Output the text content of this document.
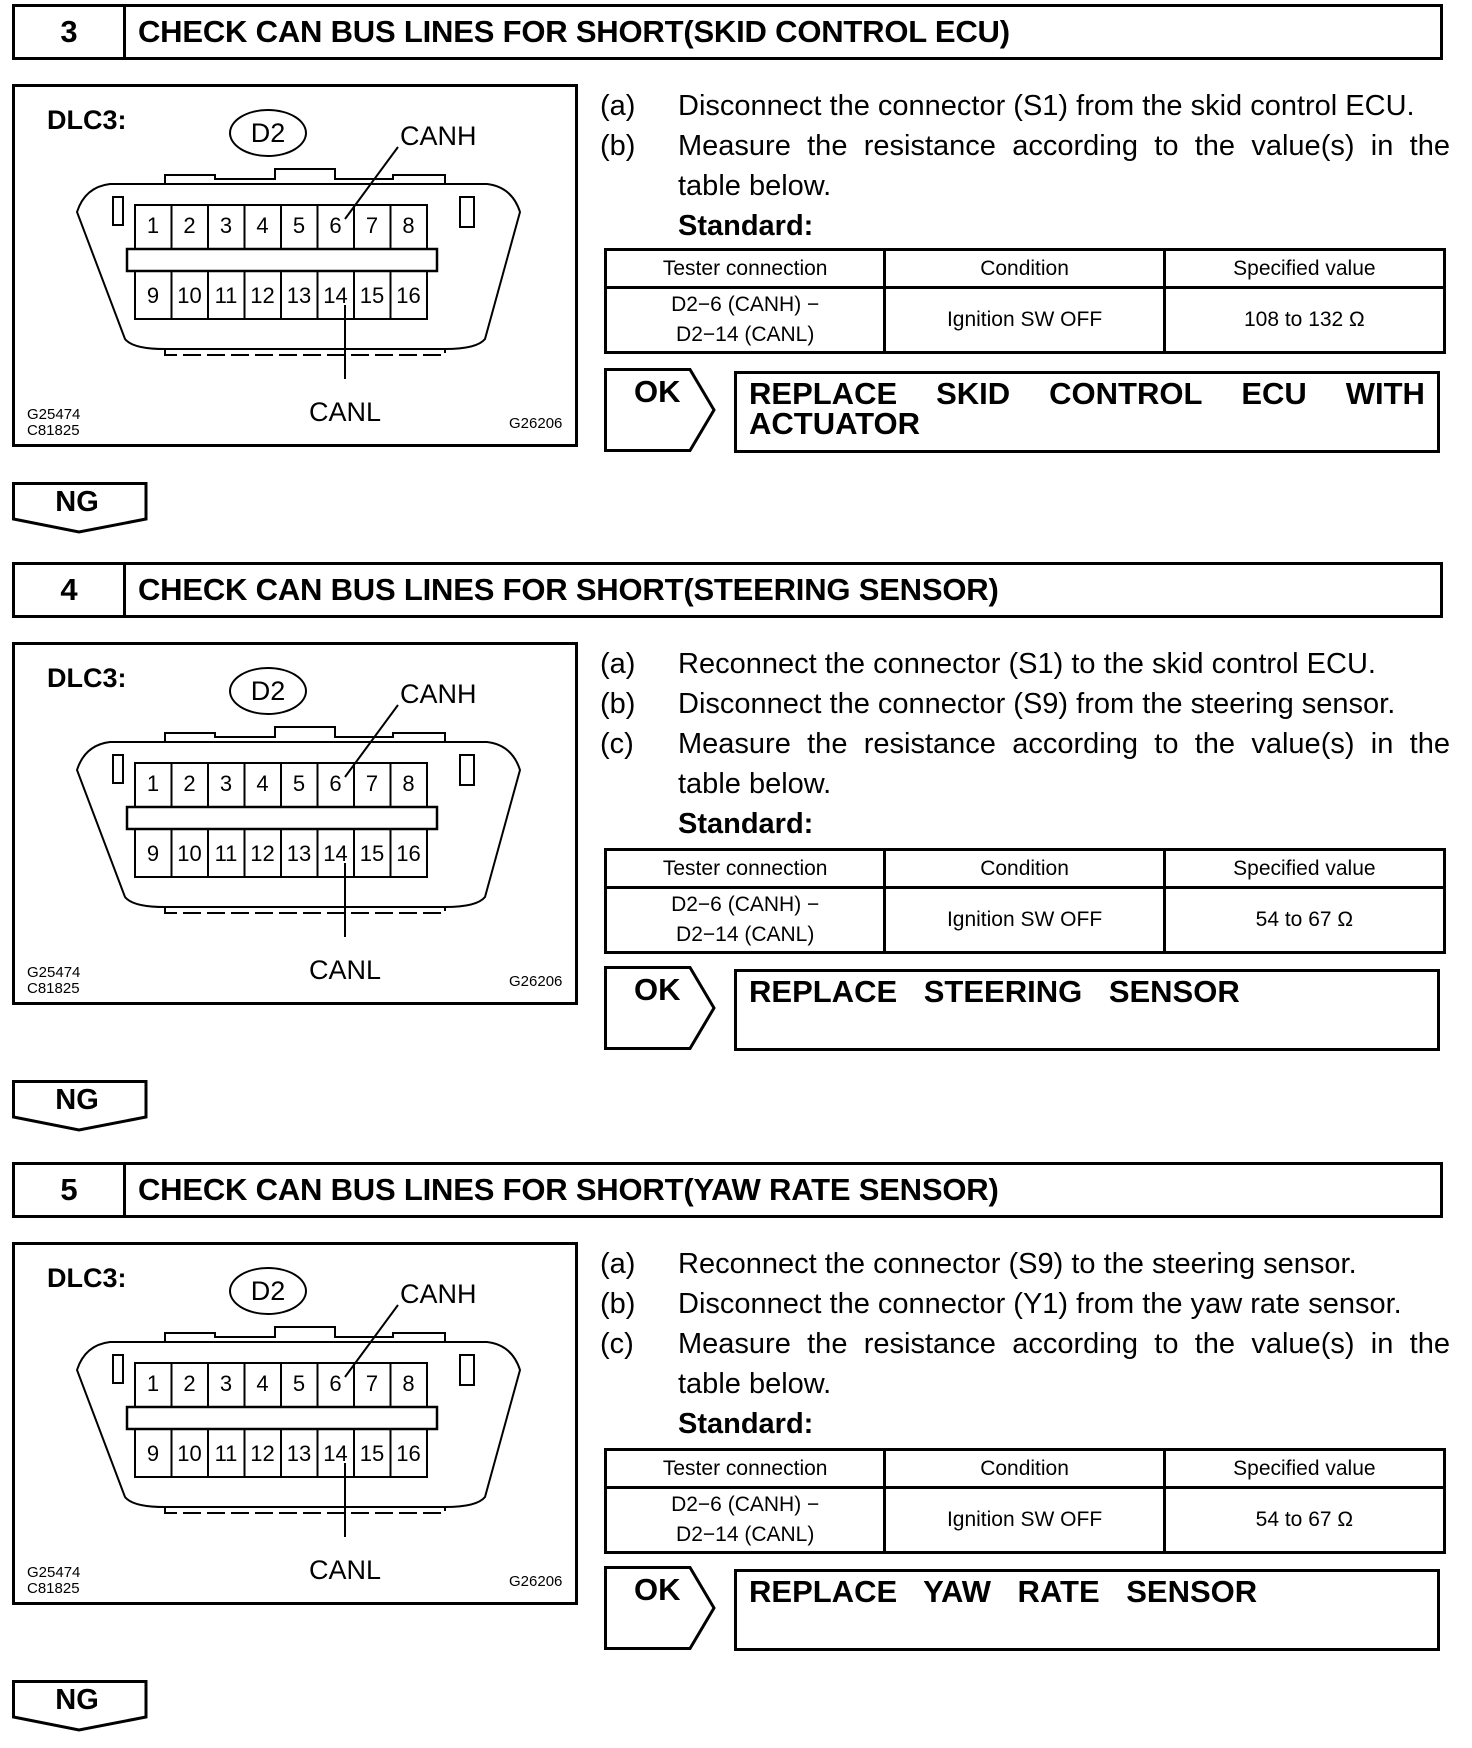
3	CHECK CAN BUS LINES FOR SHORT(SKID CONTROL ECU)
DLC3:	D2	CANH
CANL
G25474
C81825	G26206
1	2	3	4	5	6	7	8
9 10 11 12 13 14 15 16
(a)	Disconnect the connector (S1) from the skid control ECU.
(b)	Measure the resistance according to the value(s) in the table below.
Standard:
Tester connection	Condition	Specified value

D2−6 (CANH) −
D2−14 (CANL)	Ignition SW OFF	108 to 132 Ω
OK REPLACE SKID CONTROL ECU WITH
ACTUATOR
NG
4	CHECK CAN BUS LINES FOR SHORT(STEERING SENSOR)
DLC3:	D2	CANH
CANL
G25474
C81825	G26206
1	2	3	4	5	6	7	8
9 10 11 12 13 14 15 16
(a)	Reconnect the connector (S1) to the skid control ECU.
(b)	Disconnect the connector (S9) from the steering sensor.
(c)	Measure the resistance according to the value(s) in the table below.
Standard:
Tester connection	Condition	Specified value

D2−6 (CANH) −
D2−14 (CANL)	Ignition SW OFF	54 to 67 Ω
OK REPLACE STEERING SENSOR
NG
5	CHECK CAN BUS LINES FOR SHORT(YAW RATE SENSOR)
DLC3:	D2	CANH
CANL
G25474
C81825	G26206
1	2	3	4	5	6	7	8
9 10 11 12 13 14 15 16
(a)	Reconnect the connector (S9) to the steering sensor.
(b)	Disconnect the connector (Y1) from the yaw rate sensor.
(c)	Measure the resistance according to the value(s) in the table below.
Standard:
Tester connection	Condition	Specified value

D2−6 (CANH) −
D2−14 (CANL)	Ignition SW OFF	54 to 67 Ω
OK REPLACE YAW RATE SENSOR
NG
